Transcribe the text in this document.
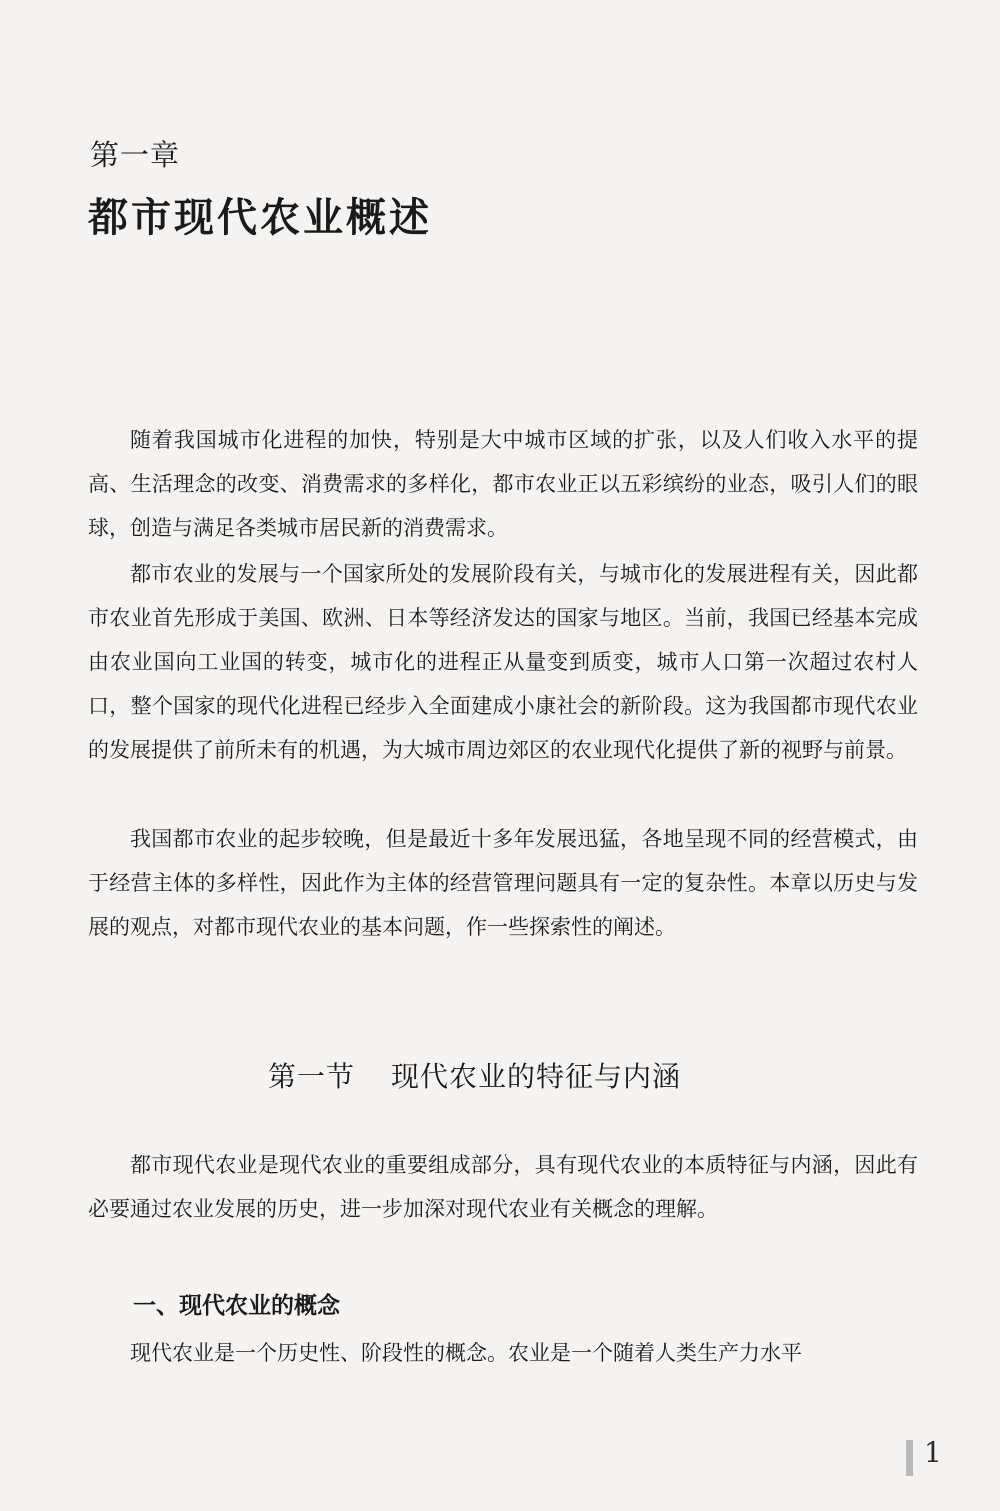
第一章
都市现代农业概述

随着我国城市化进程的加快，特别是大中城市区域的扩张，以及人们收入水平的提高、生活理念的改变、消费需求的多样化，都市农业正以五彩缤纷的业态，吸引人们的眼球，创造与满足各类城市居民新的消费需求。

都市农业的发展与一个国家所处的发展阶段有关，与城市化的发展进程有关，因此都市农业首先形成于美国、欧洲、日本等经济发达的国家与地区。当前，我国已经基本完成由农业国向工业国的转变，城市化的进程正从量变到质变，城市人口第一次超过农村人口，整个国家的现代化进程已经步入全面建成小康社会的新阶段。这为我国都市现代农业的发展提供了前所未有的机遇，为大城市周边郊区的农业现代化提供了新的视野与前景。

我国都市农业的起步较晚，但是最近十多年发展迅猛，各地呈现不同的经营模式，由于经营主体的多样性，因此作为主体的经营管理问题具有一定的复杂性。本章以历史与发展的观点，对都市现代农业的基本问题，作一些探索性的阐述。

第一节 现代农业的特征与内涵

都市现代农业是现代农业的重要组成部分，具有现代农业的本质特征与内涵，因此有必要通过农业发展的历史，进一步加深对现代农业有关概念的理解。

一、现代农业的概念

现代农业是一个历史性、阶段性的概念。农业是一个随着人类生产力水平

1
